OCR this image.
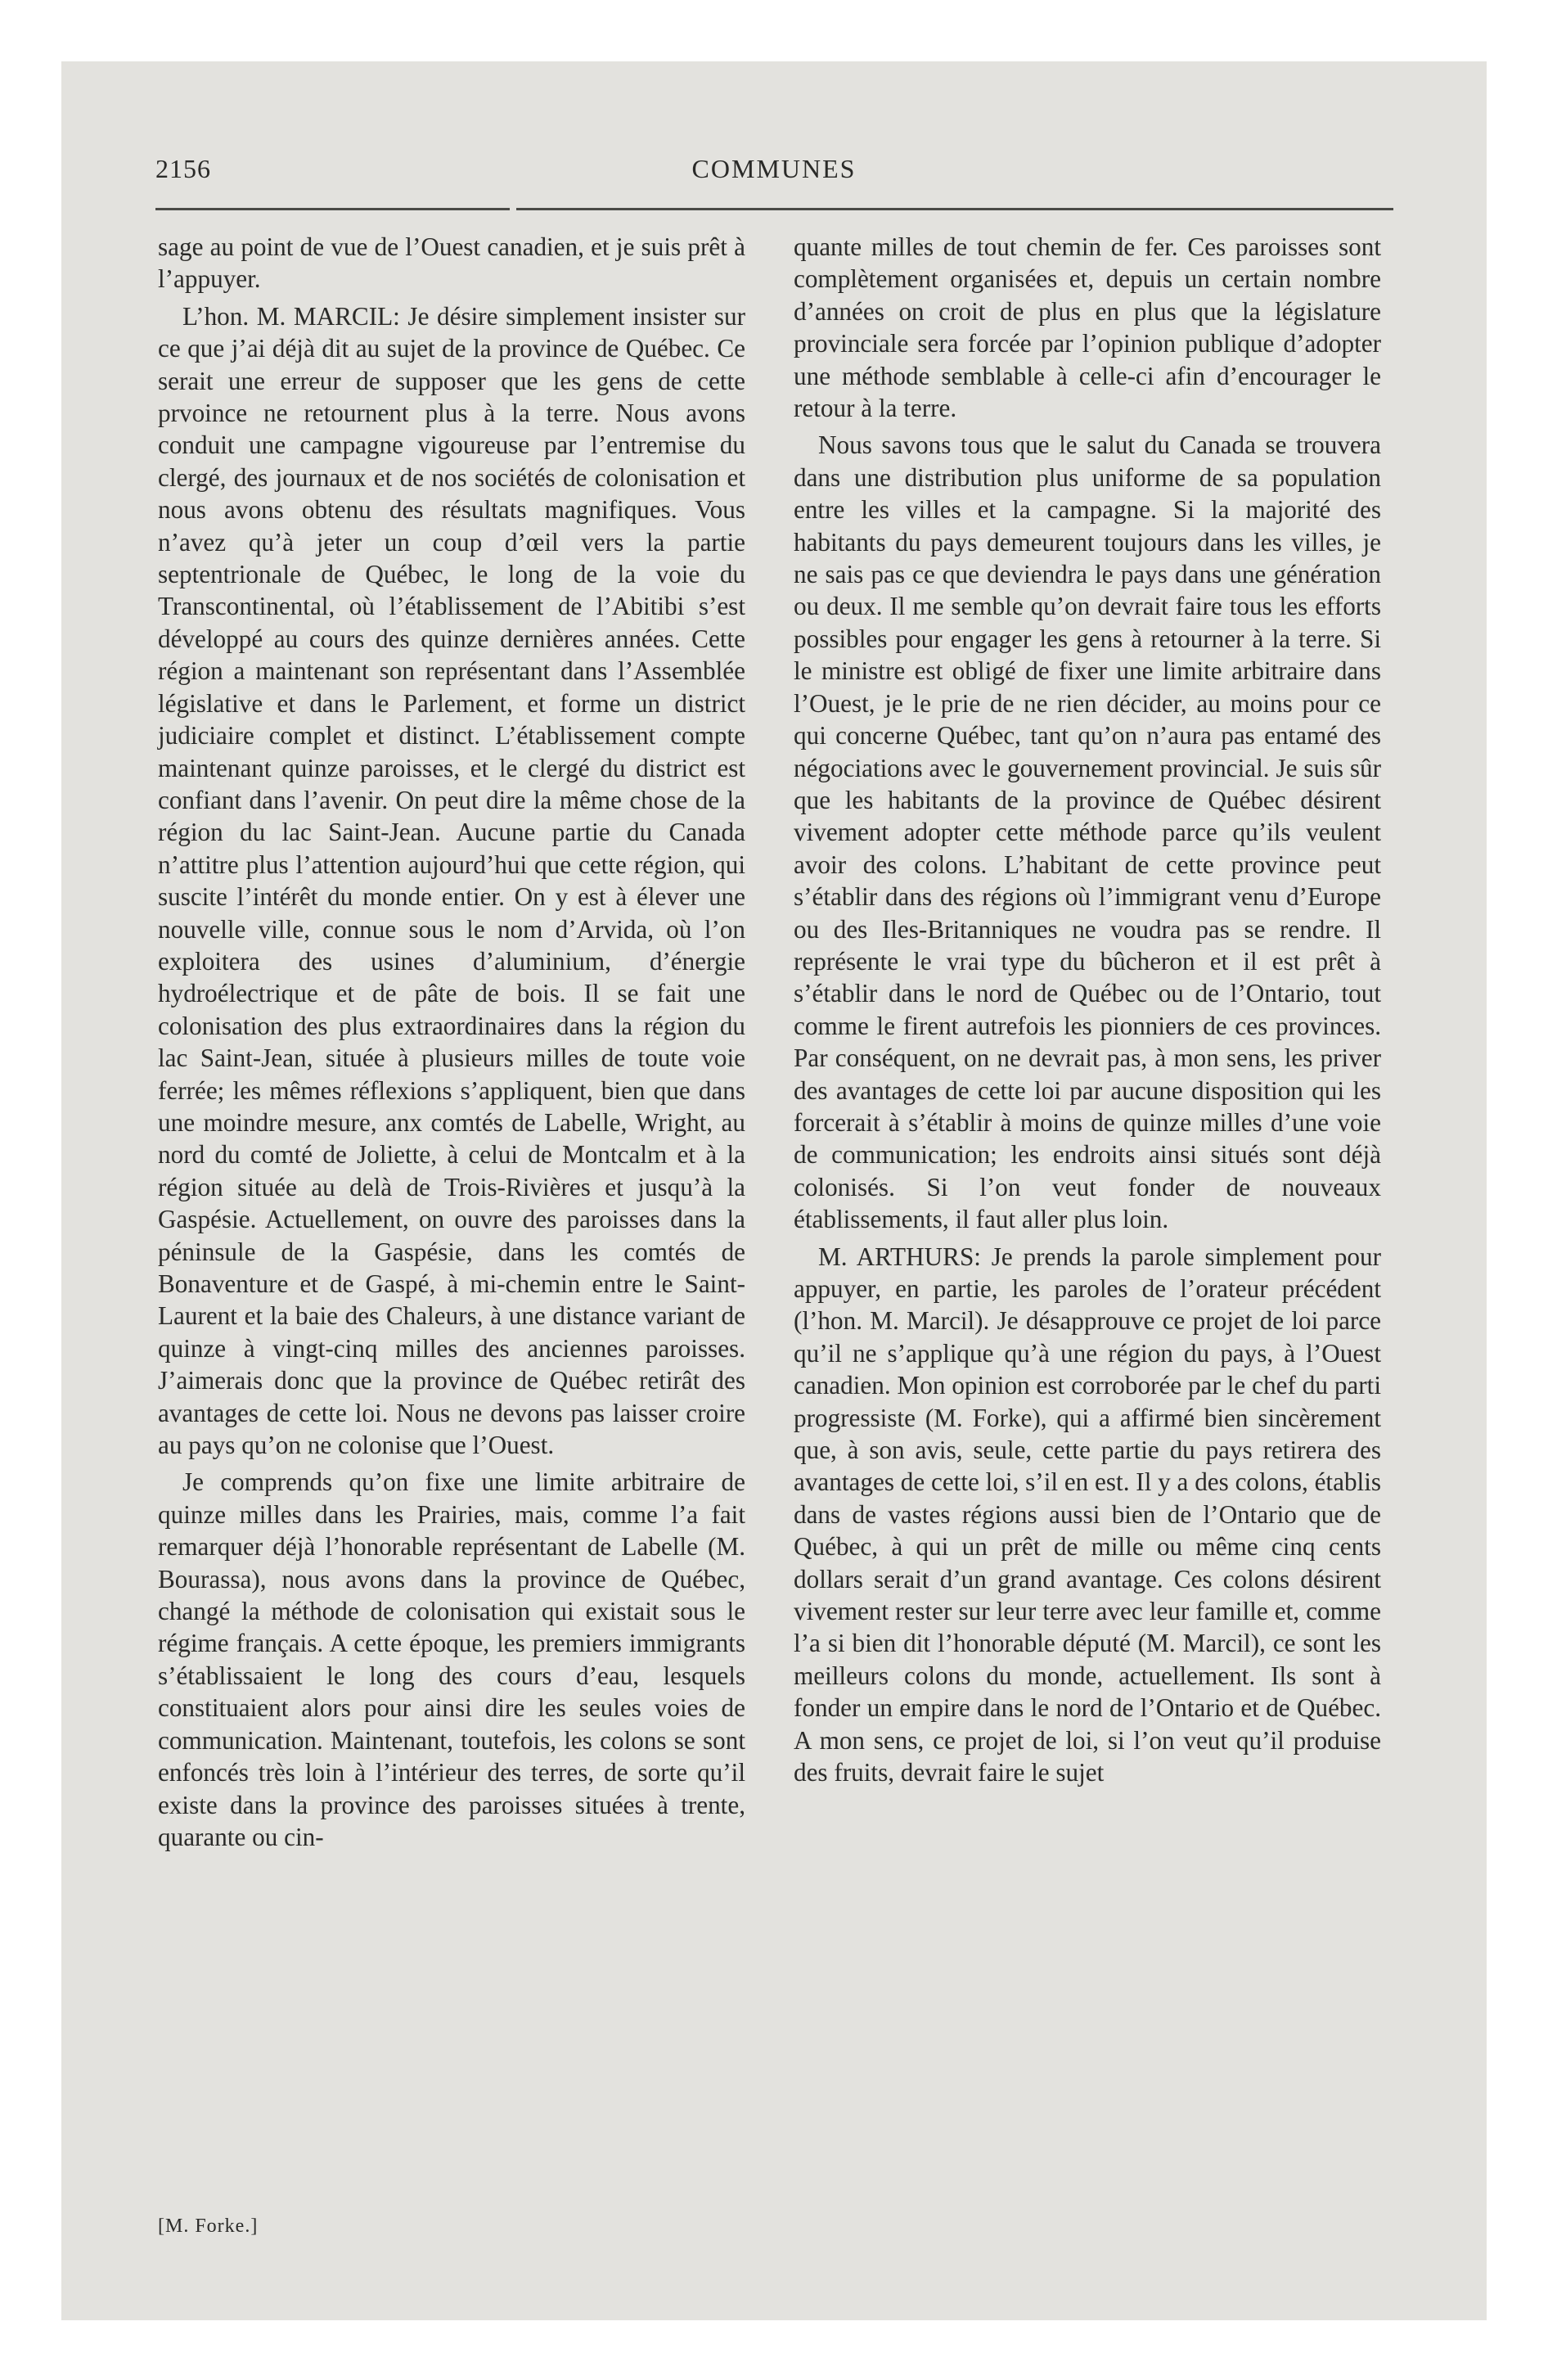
2156	COMMUNES

sage au point de vue de l’Ouest canadien, et je suis prêt à l’appuyer.

L’hon. M. MARCIL: Je désire simplement insister sur ce que j’ai déjà dit au sujet de la province de Québec. Ce serait une erreur de supposer que les gens de cette prvoince ne retournent plus à la terre. Nous avons conduit une campagne vigoureuse par l’entremise du clergé, des journaux et de nos sociétés de colonisation et nous avons obtenu des résultats magnifiques. Vous n’avez qu’à jeter un coup d’œil vers la partie septentrionale de Québec, le long de la voie du Transcontinental, où l’établissement de l’Abitibi s’est développé au cours des quinze dernières années. Cette région a maintenant son représentant dans l’Assemblée législative et dans le Parlement, et forme un district judiciaire complet et distinct. L’établissement compte maintenant quinze paroisses, et le clergé du district est confiant dans l’avenir. On peut dire la même chose de la région du lac Saint-Jean. Aucune partie du Canada n’attitre plus l’attention aujourd’hui que cette région, qui suscite l’intérêt du monde entier. On y est à élever une nouvelle ville, connue sous le nom d’Arvida, où l’on exploitera des usines d’aluminium, d’énergie hydroélectrique et de pâte de bois. Il se fait une colonisation des plus extraordinaires dans la région du lac Saint-Jean, située à plusieurs milles de toute voie ferrée; les mêmes réflexions s’appliquent, bien que dans une moindre mesure, anx comtés de Labelle, Wright, au nord du comté de Joliette, à celui de Montcalm et à la région située au delà de Trois-Rivières et jusqu’à la Gaspésie. Actuellement, on ouvre des paroisses dans la péninsule de la Gaspésie, dans les comtés de Bonaventure et de Gaspé, à mi-chemin entre le Saint-Laurent et la baie des Chaleurs, à une distance variant de quinze à vingt-cinq milles des anciennes paroisses. J’aimerais donc que la province de Québec retirât des avantages de cette loi. Nous ne devons pas laisser croire au pays qu’on ne colonise que l’Ouest.

Je comprends qu’on fixe une limite arbitraire de quinze milles dans les Prairies, mais, comme l’a fait remarquer déjà l’honorable représentant de Labelle (M. Bourassa), nous avons dans la province de Québec, changé la méthode de colonisation qui existait sous le régime français. A cette époque, les premiers immigrants s’établissaient le long des cours d’eau, lesquels constituaient alors pour ainsi dire les seules voies de communication. Maintenant, toutefois, les colons se sont enfoncés très loin à l’intérieur des terres, de sorte qu’il existe dans la province des paroisses situées à trente, quarante ou cin-

quante milles de tout chemin de fer. Ces paroisses sont complètement organisées et, depuis un certain nombre d’années on croit de plus en plus que la législature provinciale sera forcée par l’opinion publique d’adopter une méthode semblable à celle-ci afin d’encourager le retour à la terre.

Nous savons tous que le salut du Canada se trouvera dans une distribution plus uniforme de sa population entre les villes et la campagne. Si la majorité des habitants du pays demeurent toujours dans les villes, je ne sais pas ce que deviendra le pays dans une génération ou deux. Il me semble qu’on devrait faire tous les efforts possibles pour engager les gens à retourner à la terre. Si le ministre est obligé de fixer une limite arbitraire dans l’Ouest, je le prie de ne rien décider, au moins pour ce qui concerne Québec, tant qu’on n’aura pas entamé des négociations avec le gouvernement provincial. Je suis sûr que les habitants de la province de Québec désirent vivement adopter cette méthode parce qu’ils veulent avoir des colons. L’habitant de cette province peut s’établir dans des régions où l’immigrant venu d’Europe ou des Iles-Britanniques ne voudra pas se rendre. Il représente le vrai type du bûcheron et il est prêt à s’établir dans le nord de Québec ou de l’Ontario, tout comme le firent autrefois les pionniers de ces provinces. Par conséquent, on ne devrait pas, à mon sens, les priver des avantages de cette loi par aucune disposition qui les forcerait à s’établir à moins de quinze milles d’une voie de communication; les endroits ainsi situés sont déjà colonisés. Si l’on veut fonder de nouveaux établissements, il faut aller plus loin.

M. ARTHURS: Je prends la parole simplement pour appuyer, en partie, les paroles de l’orateur précédent (l’hon. M. Marcil). Je désapprouve ce projet de loi parce qu’il ne s’applique qu’à une région du pays, à l’Ouest canadien. Mon opinion est corroborée par le chef du parti progressiste (M. Forke), qui a affirmé bien sincèrement que, à son avis, seule, cette partie du pays retirera des avantages de cette loi, s’il en est. Il y a des colons, établis dans de vastes régions aussi bien de l’Ontario que de Québec, à qui un prêt de mille ou même cinq cents dollars serait d’un grand avantage. Ces colons désirent vivement rester sur leur terre avec leur famille et, comme l’a si bien dit l’honorable député (M. Marcil), ce sont les meilleurs colons du monde, actuellement. Ils sont à fonder un empire dans le nord de l’Ontario et de Québec. A mon sens, ce projet de loi, si l’on veut qu’il produise des fruits, devrait faire le sujet

[M. Forke.]
